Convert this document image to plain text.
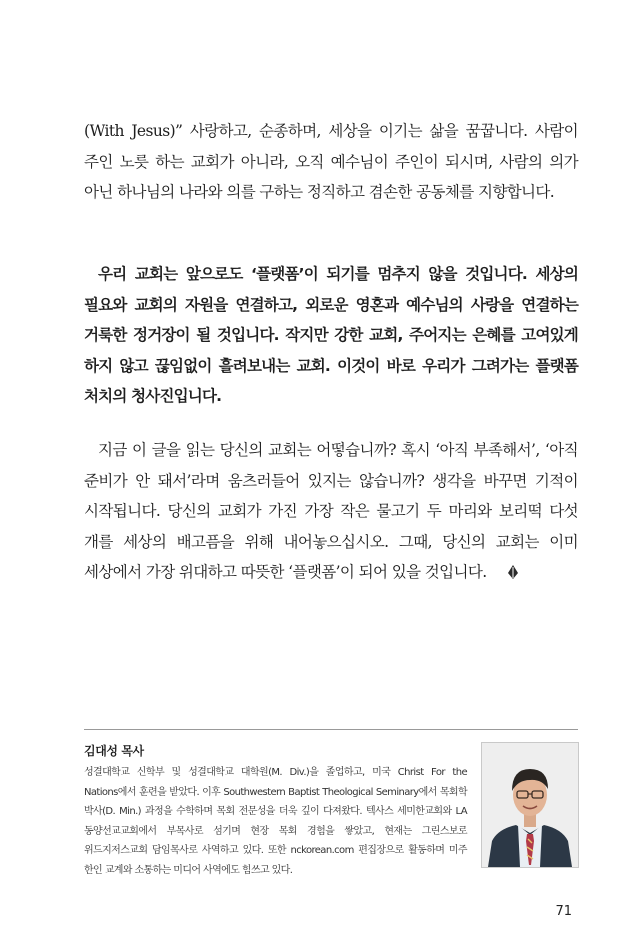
(With Jesus)” 사랑하고, 순종하며, 세상을 이기는 삶을 꿈꿉니다. 사람이 주인 노릇 하는 교회가 아니라, 오직 예수님이 주인이 되시며, 사람의 의가 아닌 하나님의 나라와 의를 구하는 정직하고 겸손한 공동체를 지향합니다.

우리 교회는 앞으로도 ‘플랫폼’이 되기를 멈추지 않을 것입니다. 세상의 필요와 교회의 자원을 연결하고, 외로운 영혼과 예수님의 사랑을 연결하는 거룩한 정거장이 될 것입니다. 작지만 강한 교회, 주어지는 은혜를 고여있게 하지 않고 끊임없이 흘려보내는 교회. 이것이 바로 우리가 그려가는 플랫폼 처치의 청사진입니다.

지금 이 글을 읽는 당신의 교회는 어떻습니까? 혹시 ‘아직 부족해서’, ‘아직 준비가 안 돼서’라며 움츠러들어 있지는 않습니까? 생각을 바꾸면 기적이 시작됩니다. 당신의 교회가 가진 가장 작은 물고기 두 마리와 보리떡 다섯 개를 세상의 배고픔을 위해 내어놓으십시오. 그때, 당신의 교회는 이미 세상에서 가장 위대하고 따뜻한 ‘플랫폼’이 되어 있을 것입니다.

김대성 목사

성결대학교 신학부 및 성결대학교 대학원(M. Div.)을 졸업하고, 미국 Christ For the Nations에서 훈련을 받았다. 이후 Southwestern Baptist Theological Seminary에서 목회학 박사(D. Min.) 과정을 수학하며 목회 전문성을 더욱 깊이 다져왔다. 텍사스 세미한교회와 LA 동양선교교회에서 부목사로 섬기며 현장 목회 경험을 쌓았고, 현재는 그린스보로 위드지저스교회 담임목사로 사역하고 있다. 또한 nckorean.com 편집장으로 활동하며 미주 한인 교계와 소통하는 미디어 사역에도 힘쓰고 있다.

71
